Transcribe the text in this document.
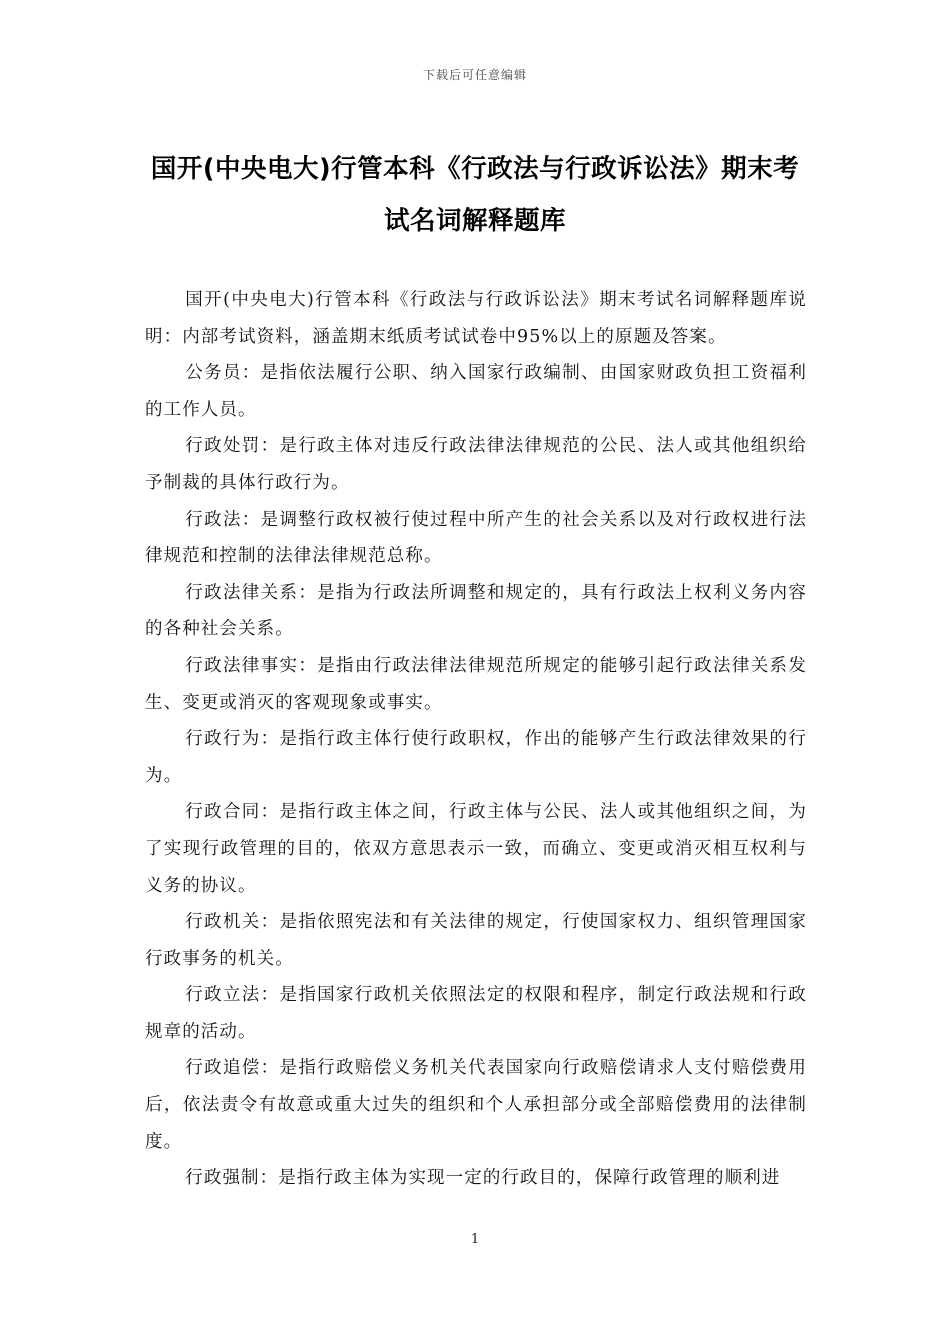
下载后可任意编辑
国开(中央电大)行管本科《行政法与行政诉讼法》期末考试名词解释题库

国开(中央电大)行管本科《行政法与行政诉讼法》期末考试名词解释题库说明：内部考试资料，涵盖期末纸质考试试卷中95%以上的原题及答案。

公务员：是指依法履行公职、纳入国家行政编制、由国家财政负担工资福利的工作人员。

行政处罚：是行政主体对违反行政法律法律规范的公民、法人或其他组织给予制裁的具体行政行为。

行政法：是调整行政权被行使过程中所产生的社会关系以及对行政权进行法律规范和控制的法律法律规范总称。

行政法律关系：是指为行政法所调整和规定的，具有行政法上权利义务内容的各种社会关系。

行政法律事实：是指由行政法律法律规范所规定的能够引起行政法律关系发生、变更或消灭的客观现象或事实。

行政行为：是指行政主体行使行政职权，作出的能够产生行政法律效果的行为。

行政合同：是指行政主体之间，行政主体与公民、法人或其他组织之间，为了实现行政管理的目的，依双方意思表示一致，而确立、变更或消灭相互权利与义务的协议。

行政机关：是指依照宪法和有关法律的规定，行使国家权力、组织管理国家行政事务的机关。

行政立法：是指国家行政机关依照法定的权限和程序，制定行政法规和行政规章的活动。

行政追偿：是指行政赔偿义务机关代表国家向行政赔偿请求人支付赔偿费用后，依法责令有故意或重大过失的组织和个人承担部分或全部赔偿费用的法律制度。

行政强制：是指行政主体为实现一定的行政目的，保障行政管理的顺利进

1
